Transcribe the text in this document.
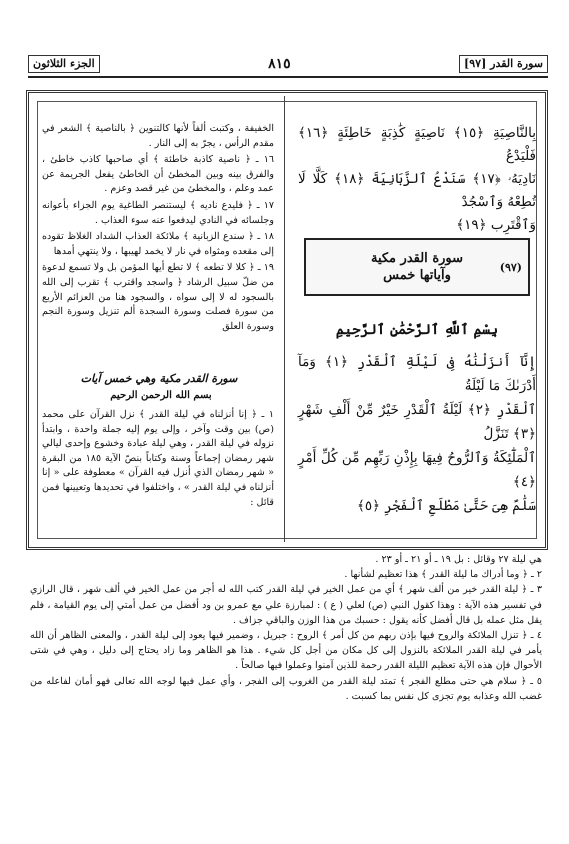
سورة القدر [٩٧]
٨١٥
الجزء الثلاثون

بِالنَّاصِيَةِ ﴿١٥﴾ نَاصِيَةٍ كَٰذِبَةٍ خَاطِئَةٍ ﴿١٦﴾ فَلْيَدْعُ

نَادِيَهُۥ ﴿١٧﴾ سَنَدْعُ ٱلزَّبَانِيَةَ ﴿١٨﴾ كَلَّا لَا تُطِعْهُ وَٱسْجُدْ

وَٱقْتَرِب ﴿١٩﴾

(٩٧)
سورة القدر مكية
وآياتها خمس
بِسْمِ ٱللَّهِ ٱلرَّحْمَٰنِ ٱلرَّحِيمِ

إِنَّآ أَنزَلْنَٰهُ فِى لَيْلَةِ ٱلْقَدْرِ ﴿١﴾ وَمَآ أَدْرَىٰكَ مَا لَيْلَةُ

ٱلْقَدْرِ ﴿٢﴾ لَيْلَةُ ٱلْقَدْرِ خَيْرٌ مِّنْ أَلْفِ شَهْرٍ ﴿٣﴾ تَنَزَّلُ

ٱلْمَلَٰٓئِكَةُ وَٱلرُّوحُ فِيهَا بِإِذْنِ رَبِّهِم مِّن كُلِّ أَمْرٍ ﴿٤﴾

سَلَٰمٌ هِىَ حَتَّىٰ مَطْلَعِ ٱلْفَجْرِ ﴿٥﴾

الخفيفة ، وكتبت ألفاً لأنها كالتنوين ﴿ بالناصية ﴾ الشعر في مقدم الرأس ، يجرّ به إلى النار .

١٦ ـ ﴿ ناصية كاذبة خاطئة ﴾ أي صاحبها كاذب خاطئ ، والفرق بينه وبين المخطئ أن الخاطئ يفعل الجريمة عن عمد وعلم ، والمخطئ من غير قصد وعزم .

١٧ ـ ﴿ فليدع ناديه ﴾ ليستنصر الطاغية يوم الجزاء بأعوانه وجلسائه في النادي ليدفعوا عنه سوء العذاب .

١٨ ـ ﴿ سندع الزبانية ﴾ ملائكة العذاب الشداد الغلاظ تقوده إلى مقعده ومثواه في نار لا يخمد لهيبها ، ولا ينتهي أمدها

١٩ ـ ﴿ كلا لا تطعه ﴾ لا تطع أيها المؤمن بل ولا تسمع لدعوة من ضلّ سبيل الرشاد ﴿ واسجد واقترب ﴾ تقرب إلى الله بالسجود له لا إلى سواه ، والسجود هنا من العزائم الأربع من سورة فصلت وسورة السجدة ألم تنزيل وسورة النجم وسورة العلق

سورة القدر مكية وهي خمس آيات
بسم الله الرحمن الرحيم

١ ـ ﴿ إنا أنزلناه في ليلة القدر ﴾ نزل القرآن على محمد (ص) بين وقت وآخر ، وإلى يوم إليه جملة واحدة ، وابتدأ نزوله في ليلة القدر ، وهي ليلة عبادة وخشوع وإحدى ليالي شهر رمضان إجماعاً وسنة وكتاباً بنصّ الآية ١٨٥ من البقرة « شهر رمضان الذي أنزل فيه القرآن » معطوفة على « إنا أنزلناه في ليلة القدر » ، واختلفوا في تحديدها وتعيينها فمن قائل :

هي ليلة ٢٧ وقائل : بل ١٩ ـ أو ٢١ ـ أو ٢٣ .

٢ ـ ﴿ وما أدراك ما ليلة القدر ﴾ هذا تعظيم لشأنها .

٣ ـ ﴿ ليلة القدر خير من ألف شهر ﴾ أي من عمل الخير في ليلة القدر كتب الله له أجر من عمل الخير في ألف شهر ، قال الرازي في تفسير هذه الآية : وهذا كقول النبي (ص) لعلي ( ع ) : لمبارزة علي مع عمرو بن ود أفضل من عمل أمتي إلى يوم القيامة ، فلم يقل مثل عمله بل قال أفضل كأنه يقول : حسبك من هذا الوزن والباقي جزاف .

٤ ـ ﴿ تنزل الملائكة والروح فيها بإذن ربهم من كل أمر ﴾ الروح : جبريل ، وضمير فيها يعود إلى ليلة القدر ، والمعنى الظاهر أن الله يأمر في ليلة القدر الملائكة بالنزول إلى كل مكان من أجل كل شيء . هذا هو الظاهر وما زاد يحتاج إلى دليل ، وهي في شتى الأحوال فإن هذه الآية تعظيم الليلة القدر رحمة للذين آمنوا وعملوا فيها صالحاً .

٥ ـ ﴿ سلام هي حتى مطلع الفجر ﴾ تمتد ليلة القدر من الغروب إلى الفجر ، وأي عمل فيها لوجه الله تعالى فهو أمان لفاعله من غضب الله وعذابه يوم تجزى كل نفس بما كسبت .
